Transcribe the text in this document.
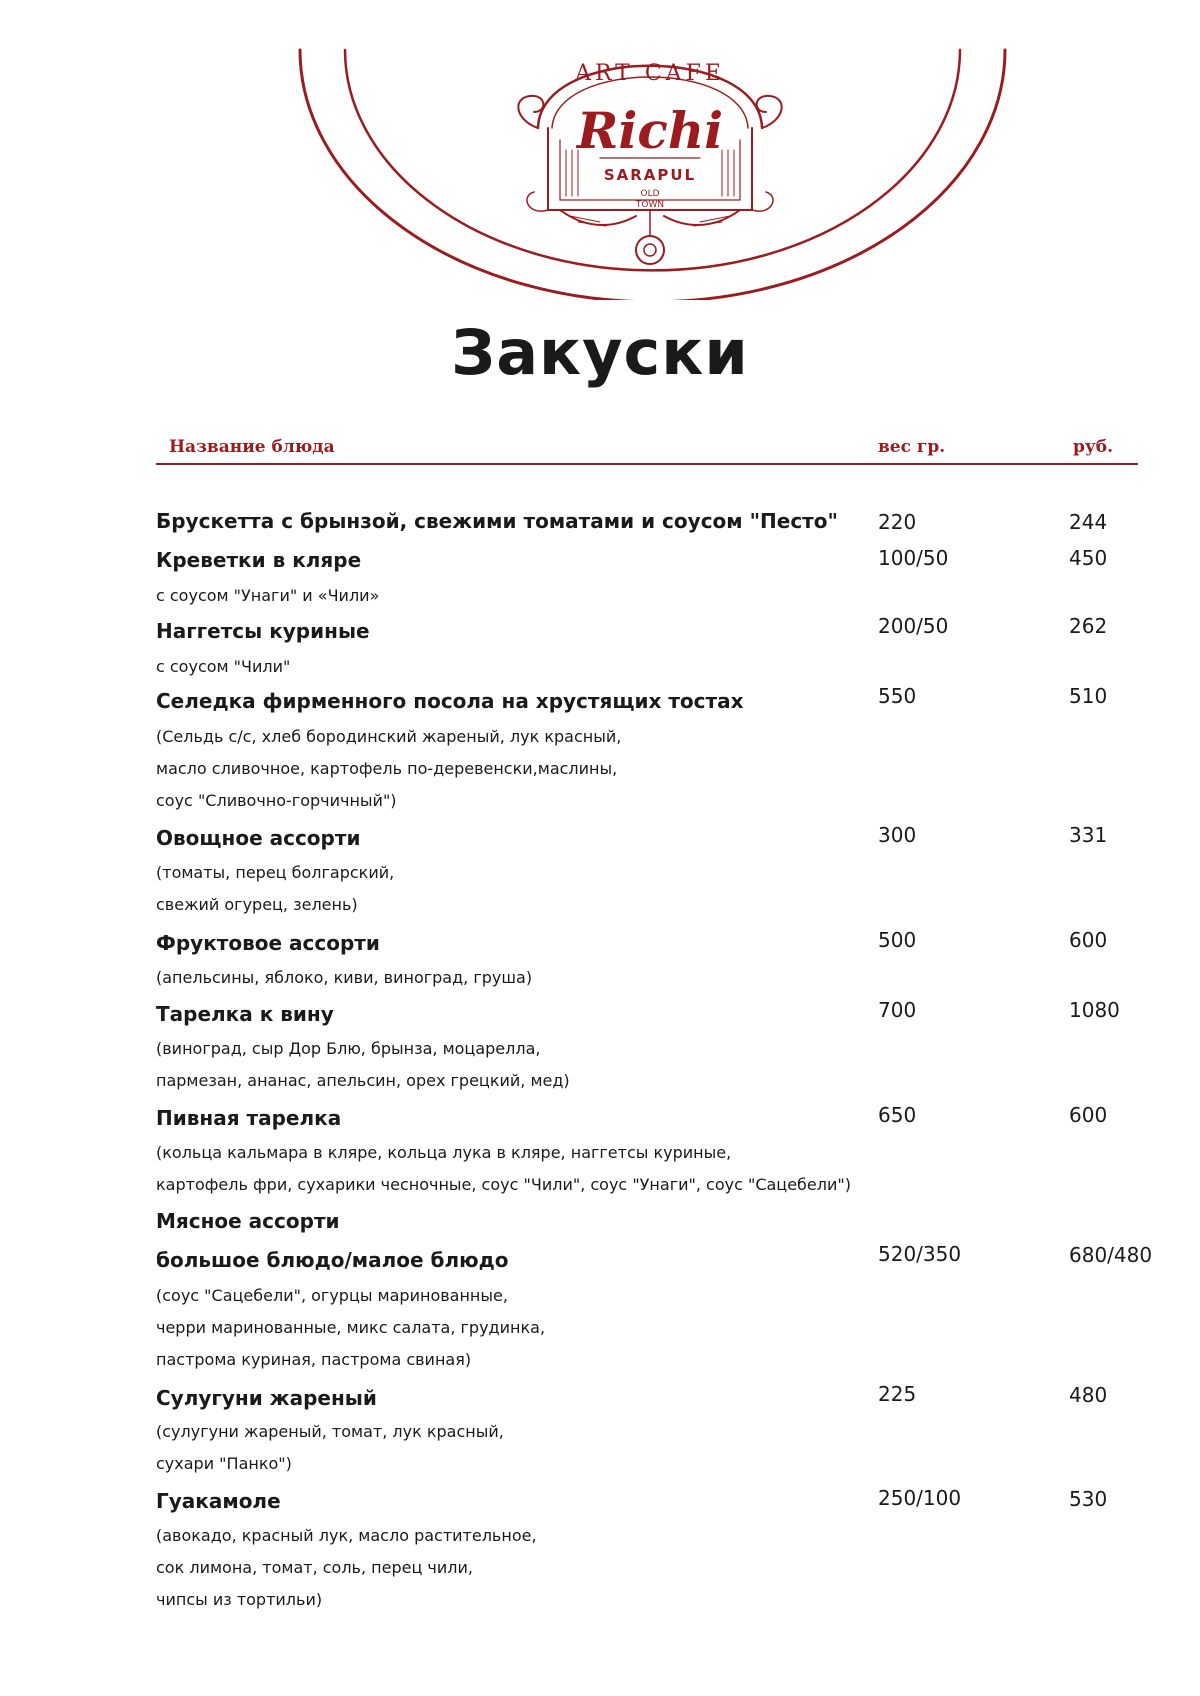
ART CAFE
Richi
SARAPUL
OLD
TOWN
Закуски
Название блюда	вес гр.	руб.
Брускетта с брынзой, свежими томатами и соусом "Песто" 220	244
Креветки в кляре	100/50	450
с соусом "Унаги" и «Чили»
Наггетсы куриные	200/50	262
с соусом "Чили"
Селедка фирменного посола на хрустящих тостах	550	510
(Сельдь с/с, хлеб бородинский жареный, лук красный,
масло сливочное, картофель по-деревенски,маслины,
соус "Сливочно-горчичный")
Овощное ассорти	300	331
(томаты, перец болгарский,
свежий огурец, зелень)
Фруктовое ассорти	500	600
(апельсины, яблоко, киви, виноград, груша)
Тарелка к вину	700	1080
(виноград, сыр Дор Блю, брынза, моцарелла,
пармезан, ананас, апельсин, орех грецкий, мед)
Пивная тарелка	650	600
(кольца кальмара в кляре, кольца лука в кляре, наггетсы куриные,
картофель фри, сухарики чесночные, соус "Чили", соус "Унаги", соус "Сацебели")
Мясное ассорти
большое блюдо/малое блюдо	520/350	680/480
(соус "Сацебели", огурцы маринованные,
черри маринованные, микс салата, грудинка,
пастрома куриная, пастрома свиная)
Сулугуни жареный	225	480
(сулугуни жареный, томат, лук красный,
сухари "Панко")
Гуакамоле	250/100	530
(авокадо, красный лук, масло растительное,
сок лимона, томат, соль, перец чили,
чипсы из тортильи)
